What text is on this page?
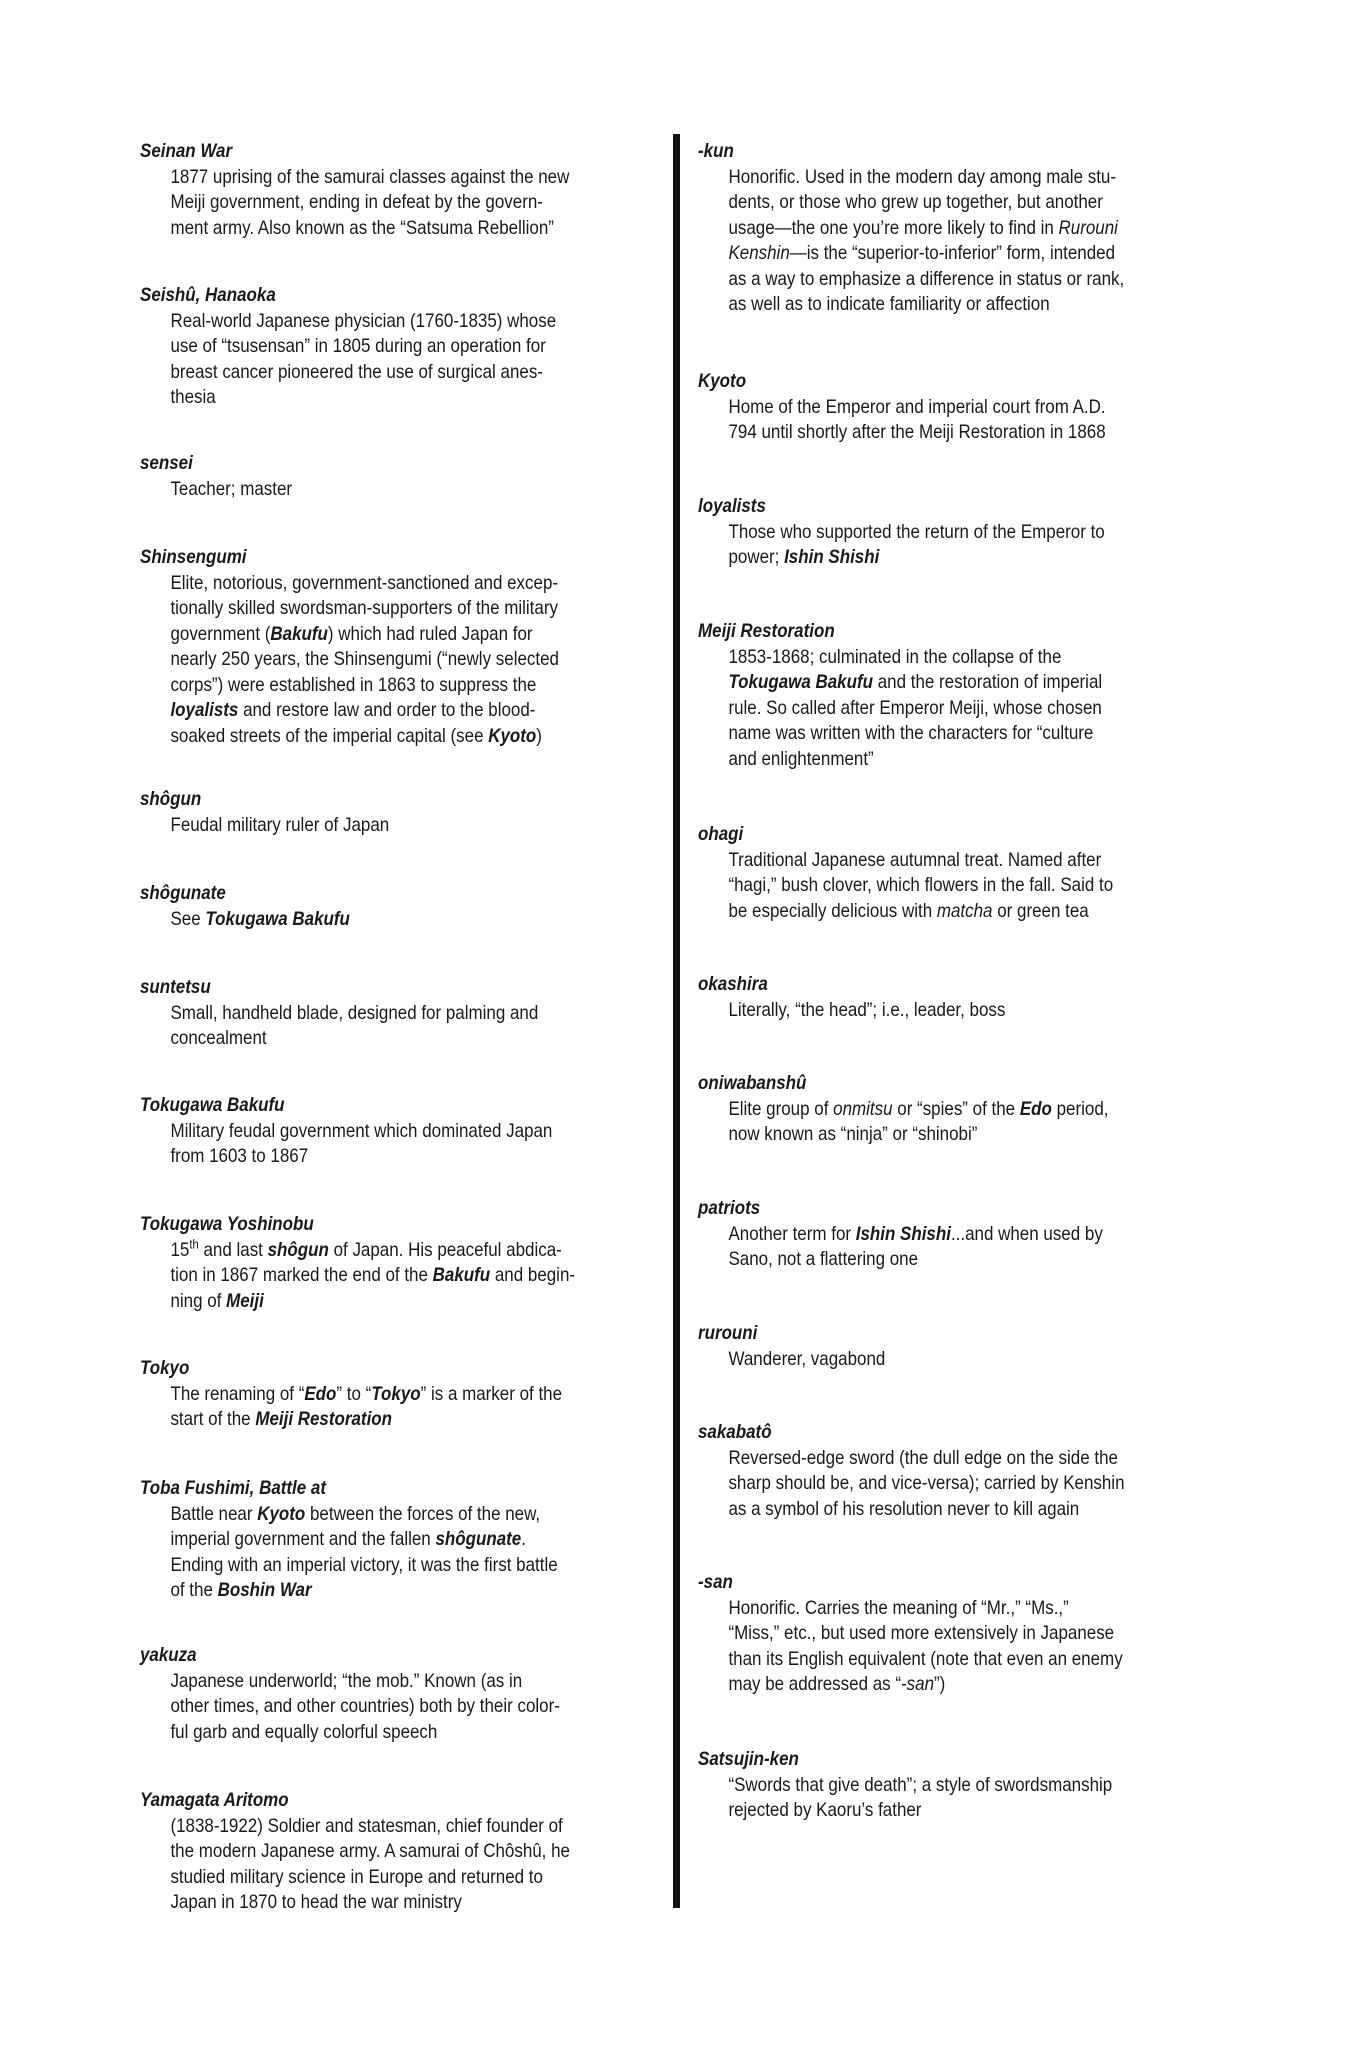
Seinan War
1877 uprising of the samurai classes against the new
Meiji government, ending in defeat by the govern-
ment army. Also known as the “Satsuma Rebellion”
Seishû, Hanaoka
Real-world Japanese physician (1760-1835) whose
use of “tsusensan” in 1805 during an operation for
breast cancer pioneered the use of surgical anes-
thesia
sensei
Teacher; master
Shinsengumi
Elite, notorious, government-sanctioned and excep-
tionally skilled swordsman-supporters of the military
government (Bakufu) which had ruled Japan for
nearly 250 years, the Shinsengumi (“newly selected
corps”) were established in 1863 to suppress the
loyalists and restore law and order to the blood-
soaked streets of the imperial capital (see Kyoto)
shôgun
Feudal military ruler of Japan
shôgunate
See Tokugawa Bakufu
suntetsu
Small, handheld blade, designed for palming and
concealment
Tokugawa Bakufu
Military feudal government which dominated Japan
from 1603 to 1867
Tokugawa Yoshinobu
15th and last shôgun of Japan. His peaceful abdica-
tion in 1867 marked the end of the Bakufu and begin-
ning of Meiji
Tokyo
The renaming of “Edo” to “Tokyo” is a marker of the
start of the Meiji Restoration
Toba Fushimi, Battle at
Battle near Kyoto between the forces of the new,
imperial government and the fallen shôgunate.
Ending with an imperial victory, it was the first battle
of the Boshin War
yakuza
Japanese underworld; “the mob.” Known (as in
other times, and other countries) both by their color-
ful garb and equally colorful speech
Yamagata Aritomo
(1838-1922) Soldier and statesman, chief founder of
the modern Japanese army. A samurai of Chôshû, he
studied military science in Europe and returned to
Japan in 1870 to head the war ministry
-kun
Honorific. Used in the modern day among male stu-
dents, or those who grew up together, but another
usage—the one you’re more likely to find in Rurouni
Kenshin—is the “superior-to-inferior” form, intended
as a way to emphasize a difference in status or rank,
as well as to indicate familiarity or affection
Kyoto
Home of the Emperor and imperial court from A.D.
794 until shortly after the Meiji Restoration in 1868
loyalists
Those who supported the return of the Emperor to
power; Ishin Shishi
Meiji Restoration
1853-1868; culminated in the collapse of the
Tokugawa Bakufu and the restoration of imperial
rule. So called after Emperor Meiji, whose chosen
name was written with the characters for “culture
and enlightenment”
ohagi
Traditional Japanese autumnal treat. Named after
“hagi,” bush clover, which flowers in the fall. Said to
be especially delicious with matcha or green tea
okashira
Literally, “the head”; i.e., leader, boss
oniwabanshû
Elite group of onmitsu or “spies” of the Edo period,
now known as “ninja” or “shinobi”
patriots
Another term for Ishin Shishi...and when used by
Sano, not a flattering one
rurouni
Wanderer, vagabond
sakabatô
Reversed-edge sword (the dull edge on the side the
sharp should be, and vice-versa); carried by Kenshin
as a symbol of his resolution never to kill again
-san
Honorific. Carries the meaning of “Mr.,” “Ms.,”
“Miss,” etc., but used more extensively in Japanese
than its English equivalent (note that even an enemy
may be addressed as “-san”)
Satsujin-ken
“Swords that give death”; a style of swordsmanship
rejected by Kaoru’s father
